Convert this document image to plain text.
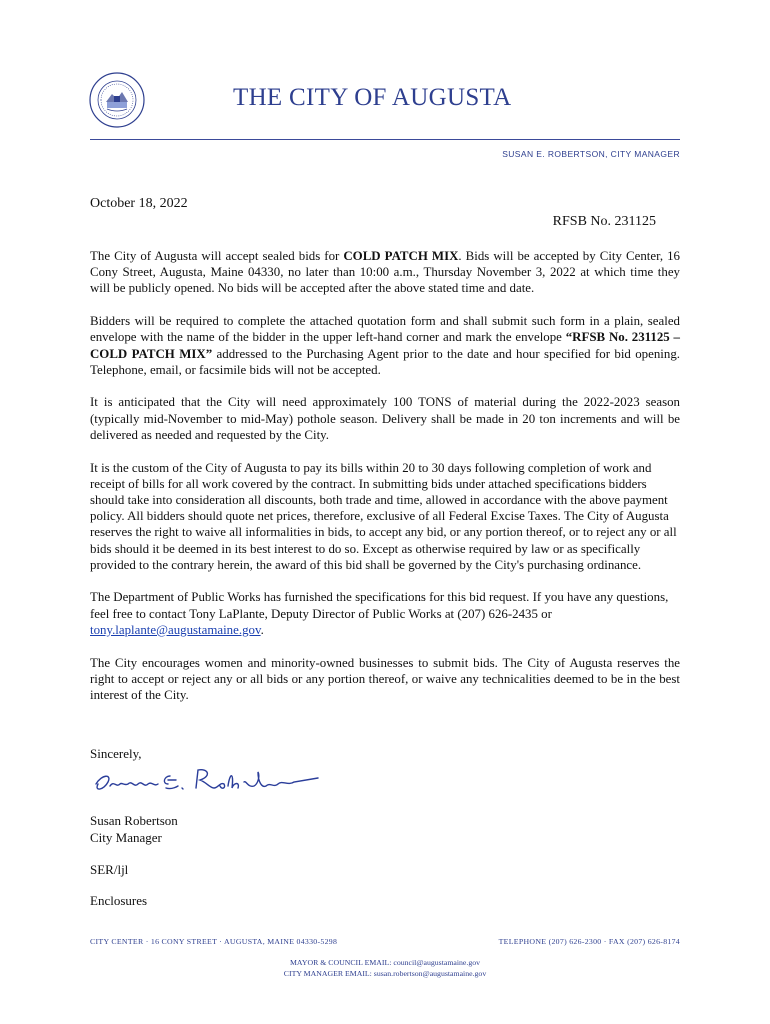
THE CITY OF AUGUSTA
SUSAN E. ROBERTSON, CITY MANAGER
October 18, 2022
RFSB No. 231125

The City of Augusta will accept sealed bids for COLD PATCH MIX. Bids will be accepted by City Center, 16 Cony Street, Augusta, Maine 04330, no later than 10:00 a.m., Thursday November 3, 2022 at which time they will be publicly opened. No bids will be accepted after the above stated time and date.

Bidders will be required to complete the attached quotation form and shall submit such form in a plain, sealed envelope with the name of the bidder in the upper left-hand corner and mark the envelope “RFSB No. 231125 – COLD PATCH MIX” addressed to the Purchasing Agent prior to the date and hour specified for bid opening. Telephone, email, or facsimile bids will not be accepted.

It is anticipated that the City will need approximately 100 TONS of material during the 2022-2023 season (typically mid-November to mid-May) pothole season. Delivery shall be made in 20 ton increments and will be delivered as needed and requested by the City.

It is the custom of the City of Augusta to pay its bills within 20 to 30 days following completion of work and receipt of bills for all work covered by the contract. In submitting bids under attached specifications bidders should take into consideration all discounts, both trade and time, allowed in accordance with the above payment policy. All bidders should quote net prices, therefore, exclusive of all Federal Excise Taxes. The City of Augusta reserves the right to waive all informalities in bids, to accept any bid, or any portion thereof, or to reject any or all bids should it be deemed in its best interest to do so. Except as otherwise required by law or as specifically provided to the contrary herein, the award of this bid shall be governed by the City's purchasing ordinance.

The Department of Public Works has furnished the specifications for this bid request. If you have any questions, feel free to contact Tony LaPlante, Deputy Director of Public Works at (207) 626-2435 or tony.laplante@augustamaine.gov.

The City encourages women and minority-owned businesses to submit bids. The City of Augusta reserves the right to accept or reject any or all bids or any portion thereof, or waive any technicalities deemed to be in the best interest of the City.

Sincerely,
Susan Robertson
City Manager
SER/ljl
Enclosures
CITY CENTER · 16 CONY STREET · AUGUSTA, MAINE 04330-5298	TELEPHONE (207) 626-2300 · FAX (207) 626-8174
MAYOR & COUNCIL EMAIL: council@augustamaine.gov
CITY MANAGER EMAIL: susan.robertson@augustamaine.gov
